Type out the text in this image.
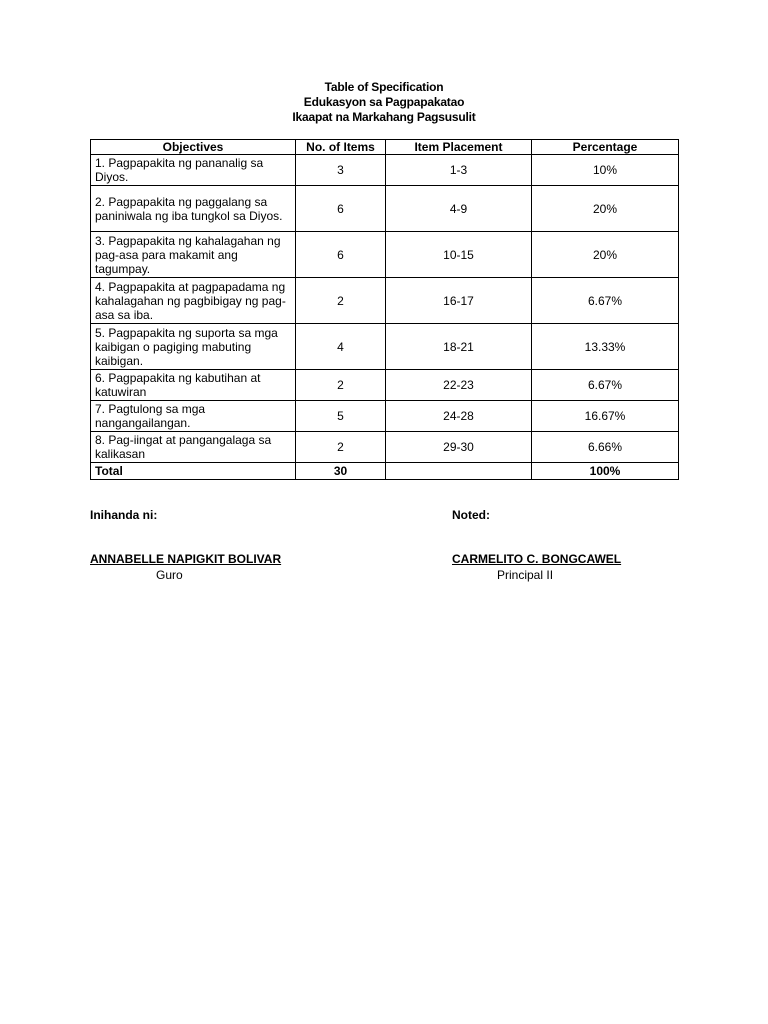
Table of Specification
Edukasyon sa Pagpapakatao
Ikaapat na Markahang Pagsusulit
Objectives	No. of Items	Item Placement	Percentage
1. Pagpapakita ng pananalig sa Diyos.	3	1-3	10%
2. Pagpapakita ng paggalang sa paniniwala ng iba tungkol sa Diyos.	6	4-9	20%
3. Pagpapakita ng kahalagahan ng pag-asa para makamit ang tagumpay.	6	10-15	20%
4. Pagpapakita at pagpapadama ng kahalagahan ng pagbibigay ng pag-asa sa iba.	2	16-17	6.67%
5. Pagpapakita ng suporta sa mga kaibigan o pagiging mabuting kaibigan.	4	18-21	13.33%
6. Pagpapakita ng kabutihan at katuwiran	2	22-23	6.67%
7. Pagtulong sa mga nangangailangan.	5	24-28	16.67%
8. Pag-iingat at pangangalaga sa kalikasan	2	29-30	6.66%
Total	30		100%
Inihanda ni:	Noted:
ANNABELLE NAPIGKIT BOLIVAR
Guro
CARMELITO C. BONGCAWEL
Principal II
